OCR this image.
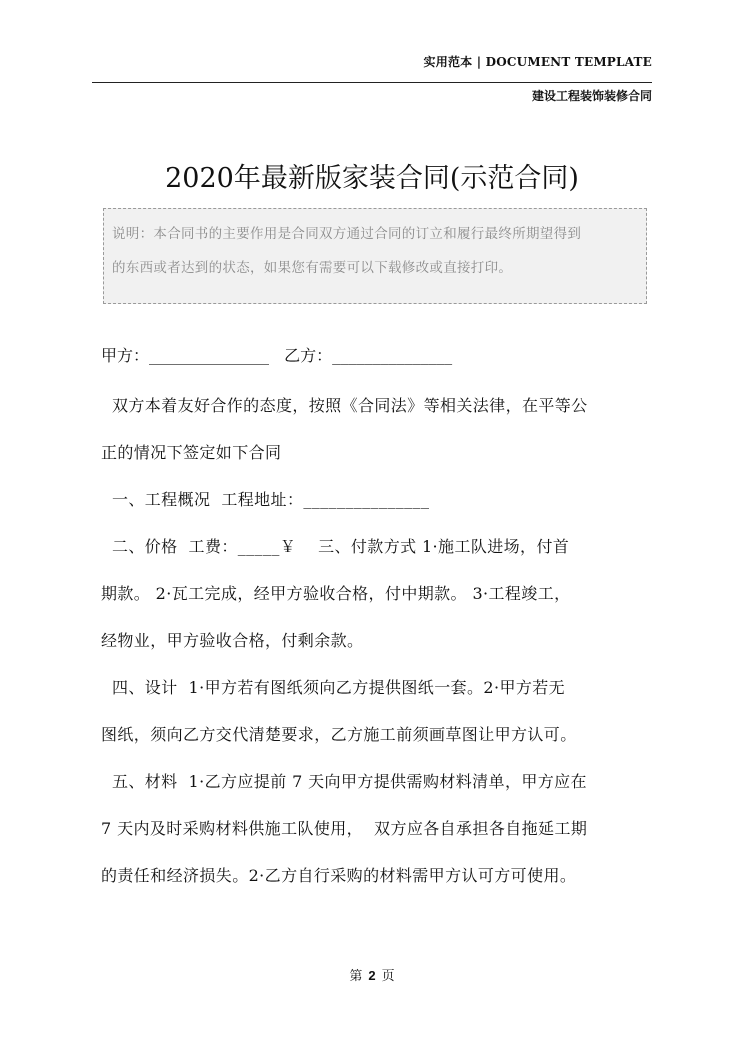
实用范本 | DOCUMENT TEMPLATE
建设工程装饰装修合同
2020年最新版家装合同(示范合同)

说明：本合同书的主要作用是合同双方通过合同的订立和履行最终所期望得到

的东西或者达到的状态，如果您有需要可以下载修改或直接打印。

甲方：_______________ 乙方：_______________

双方本着友好合作的态度，按照《合同法》等相关法律，在平等公

正的情况下签定如下合同

一、工程概况  工程地址：_______________

二、价格  工费：_____￥    三、付款方式 1·施工队进场，付首

期款。 2·瓦工完成，经甲方验收合格，付中期款。 3·工程竣工，

经物业，甲方验收合格，付剩余款。

四、设计  1·甲方若有图纸须向乙方提供图纸一套。2·甲方若无

图纸，须向乙方交代清楚要求，乙方施工前须画草图让甲方认可。

五、材料  1·乙方应提前 7 天向甲方提供需购材料清单，甲方应在

7 天内及时采购材料供施工队使用，  双方应各自承担各自拖延工期

的责任和经济损失。2·乙方自行采购的材料需甲方认可方可使用。

第 2 页
